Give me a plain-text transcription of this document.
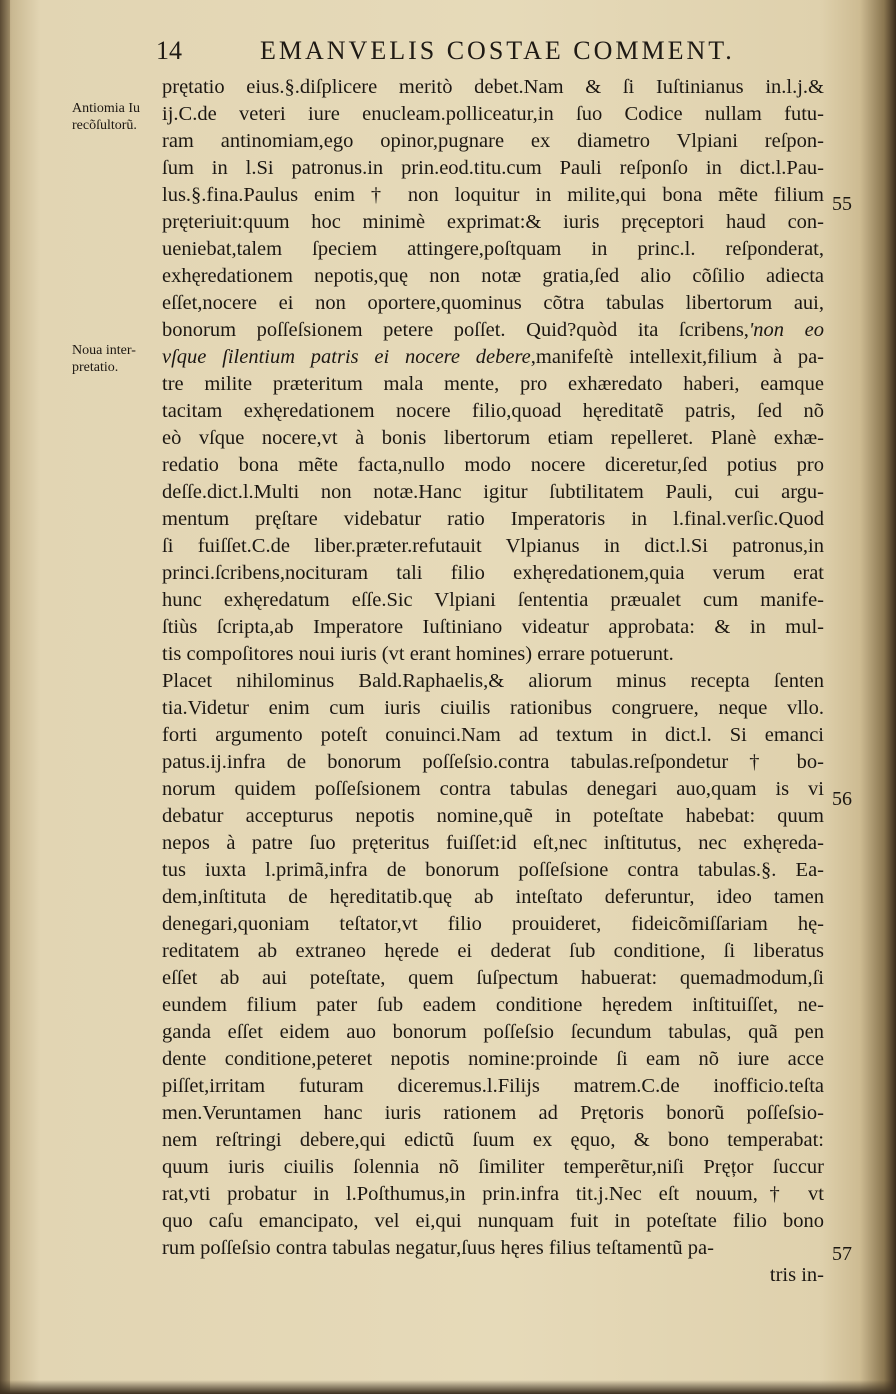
14	EMANVELIS COSTAE COMMENT.
Antiomia Iu recõſultorũ.
Noua inter- pretatio.
55
56
57
prętatio eius.§.diſplicere meritò debet.Nam & ſi Iuſtinianus in.l.j.&
ij.C.de veteri iure enucleam.polliceatur,in ſuo Codice nullam futu-
ram antinomiam,ego opinor,pugnare ex diametro Vlpiani reſpon-
ſum in l.Si patronus.in prin.eod.titu.cum Pauli reſponſo in dict.l.Pau-
lus.§.fina.Paulus enim † non loquitur in milite,qui bona mẽte filium
pręteriuit:quum hoc minimè exprimat:& iuris pręceptori haud con-
ueniebat,talem ſpeciem attingere,poſtquam in princ.l. reſponderat,
exhęredationem nepotis,quę non notæ gratia,ſed alio cõſilio adiecta
eſſet,nocere ei non oportere,quominus cõtra tabulas libertorum aui,
bonorum poſſeſsionem petere poſſet. Quid?quòd ita ſcribens,'non eo
vſque ſilentium patris ei nocere debere,manifeſtè intellexit,filium à pa-
tre milite præteritum mala mente, pro exhæredato haberi, eamque
tacitam exhęredationem nocere filio,quoad hęreditatẽ patris, ſed nõ
eò vſque nocere,vt à bonis libertorum etiam repelleret. Planè exhæ-
redatio bona mẽte facta,nullo modo nocere diceretur,ſed potius pro
deſſe.dict.l.Multi non notæ.Hanc igitur ſubtilitatem Pauli, cui argu-
mentum pręſtare videbatur ratio Imperatoris in l.final.verſic.Quod
ſi fuiſſet.C.de liber.præter.refutauit Vlpianus in dict.l.Si patronus,in
princi.ſcribens,nocituram tali filio exhęredationem,quia verum erat
hunc exhęredatum eſſe.Sic Vlpiani ſententia præualet cum manife-
ſtiùs ſcripta,ab Imperatore Iuſtiniano videatur approbata: & in mul-
tis compoſitores noui iuris (vt erant homines) errare potuerunt.
Placet nihilominus Bald.Raphaelis,& aliorum minus recepta ſenten
tia.Videtur enim cum iuris ciuilis rationibus congruere, neque vllo.
forti argumento poteſt conuinci.Nam ad textum in dict.l. Si emanci
patus.ij.infra de bonorum poſſeſsio.contra tabulas.reſpondetur † bo-
norum quidem poſſeſsionem contra tabulas denegari auo,quam is vi
debatur accepturus nepotis nomine,quẽ in poteſtate habebat: quum
nepos à patre ſuo pręteritus fuiſſet:id eſt,nec inſtitutus, nec exhęreda-
tus iuxta l.primã,infra de bonorum poſſeſsione contra tabulas.§. Ea-
dem,inſtituta de hęreditatib.quę ab inteſtato deferuntur, ideo tamen
denegari,quoniam teſtator,vt filio prouideret, fideicõmiſſariam hę-
reditatem ab extraneo hęrede ei dederat ſub conditione, ſi liberatus
eſſet ab aui poteſtate, quem ſuſpectum habuerat: quemadmodum,ſi
eundem filium pater ſub eadem conditione hęredem inſtituiſſet, ne-
ganda eſſet eidem auo bonorum poſſeſsio ſecundum tabulas, quã pen
dente conditione,peteret nepotis nomine:proinde ſi eam nõ iure acce
piſſet,irritam futuram diceremus.l.Filijs matrem.C.de inofficio.teſta
men.Veruntamen hanc iuris rationem ad Prętoris bonorũ poſſeſsio-
nem reſtringi debere,qui edictũ ſuum ex ęquo, & bono temperabat:
quum iuris ciuilis ſolennia nõ ſimiliter temperẽtur,niſi Pręțor ſuccur
rat,vti probatur in l.Poſthumus,in prin.infra tit.j.Nec eſt nouum,† vt
quo caſu emancipato, vel ei,qui nunquam fuit in poteſtate filio bono
rum poſſeſsio contra tabulas negatur,ſuus hęres filius teſtamentũ pa-
tris in-
